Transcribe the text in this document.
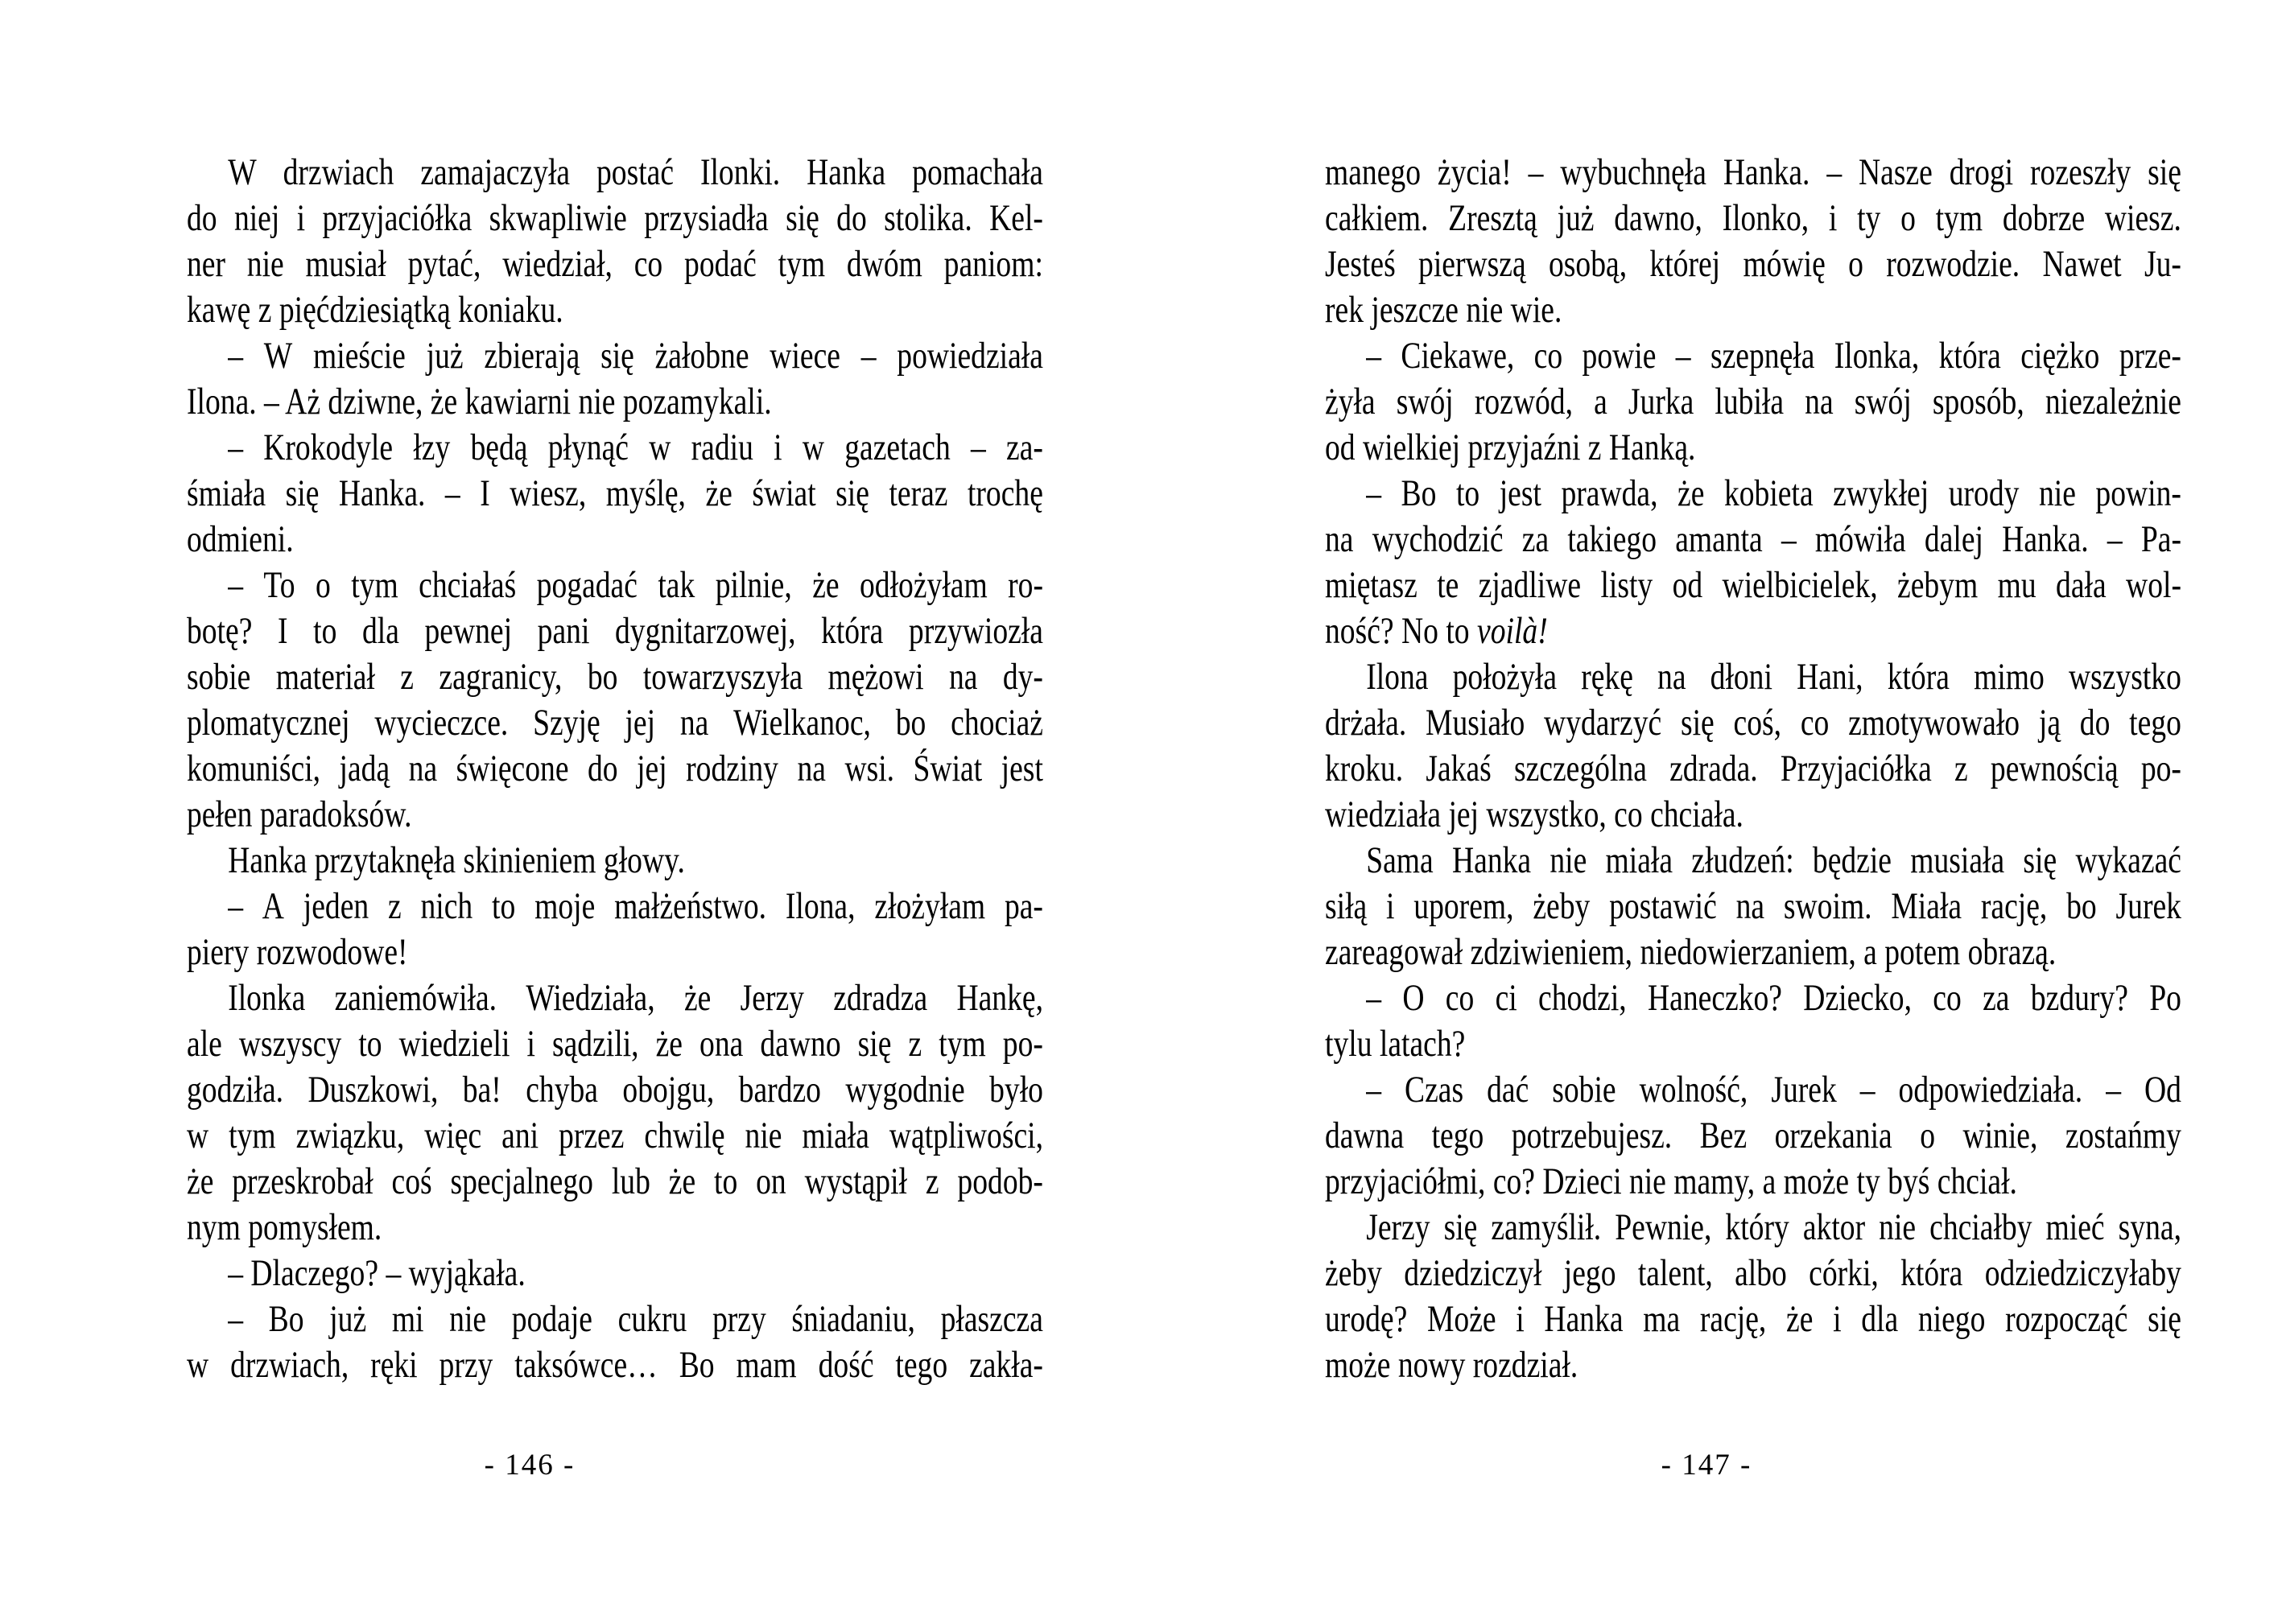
W drzwiach zamajaczyła postać Ilonki. Hanka pomachała
do niej i przyjaciółka skwapliwie przysiadła się do stolika. Kel-
ner nie musiał pytać, wiedział, co podać tym dwóm paniom:
kawę z pięćdziesiątką koniaku.
– W mieście już zbierają się żałobne wiece – powiedziała
Ilona. – Aż dziwne, że kawiarni nie pozamykali.
– Krokodyle łzy będą płynąć w radiu i w gazetach – za-
śmiała się Hanka. – I wiesz, myślę, że świat się teraz trochę
odmieni.
– To o tym chciałaś pogadać tak pilnie, że odłożyłam ro-
botę? I to dla pewnej pani dygnitarzowej, która przywiozła
sobie materiał z zagranicy, bo towarzyszyła mężowi na dy-
plomatycznej wycieczce. Szyję jej na Wielkanoc, bo chociaż
komuniści, jadą na święcone do jej rodziny na wsi. Świat jest
pełen paradoksów.
Hanka przytaknęła skinieniem głowy.
– A jeden z nich to moje małżeństwo. Ilona, złożyłam pa-
piery rozwodowe!
Ilonka zaniemówiła. Wiedziała, że Jerzy zdradza Hankę,
ale wszyscy to wiedzieli i sądzili, że ona dawno się z tym po-
godziła. Duszkowi, ba! chyba obojgu, bardzo wygodnie było
w tym związku, więc ani przez chwilę nie miała wątpliwości,
że przeskrobał coś specjalnego lub że to on wystąpił z podob-
nym pomysłem.
– Dlaczego? – wyjąkała.
– Bo już mi nie podaje cukru przy śniadaniu, płaszcza
w drzwiach, ręki przy taksówce… Bo mam dość tego zakła-
manego życia! – wybuchnęła Hanka. – Nasze drogi rozeszły się
całkiem. Zresztą już dawno, Ilonko, i ty o tym dobrze wiesz.
Jesteś pierwszą osobą, której mówię o rozwodzie. Nawet Ju-
rek jeszcze nie wie.
– Ciekawe, co powie – szepnęła Ilonka, która ciężko prze-
żyła swój rozwód, a Jurka lubiła na swój sposób, niezależnie
od wielkiej przyjaźni z Hanką.
– Bo to jest prawda, że kobieta zwykłej urody nie powin-
na wychodzić za takiego amanta – mówiła dalej Hanka. – Pa-
miętasz te zjadliwe listy od wielbicielek, żebym mu dała wol-
ność? No to voilà!
Ilona położyła rękę na dłoni Hani, która mimo wszystko
drżała. Musiało wydarzyć się coś, co zmotywowało ją do tego
kroku. Jakaś szczególna zdrada. Przyjaciółka z pewnością po-
wiedziała jej wszystko, co chciała.
Sama Hanka nie miała złudzeń: będzie musiała się wykazać
siłą i uporem, żeby postawić na swoim. Miała rację, bo Jurek
zareagował zdziwieniem, niedowierzaniem, a potem obrazą.
– O co ci chodzi, Haneczko? Dziecko, co za bzdury? Po
tylu latach?
– Czas dać sobie wolność, Jurek – odpowiedziała. – Od
dawna tego potrzebujesz. Bez orzekania o winie, zostańmy
przyjaciółmi, co? Dzieci nie mamy, a może ty byś chciał.
Jerzy się zamyślił. Pewnie, który aktor nie chciałby mieć syna,
żeby dziedziczył jego talent, albo córki, która odziedziczyłaby
urodę? Może i Hanka ma rację, że i dla niego rozpocząć się
może nowy rozdział.
- 146 -	- 147 -
